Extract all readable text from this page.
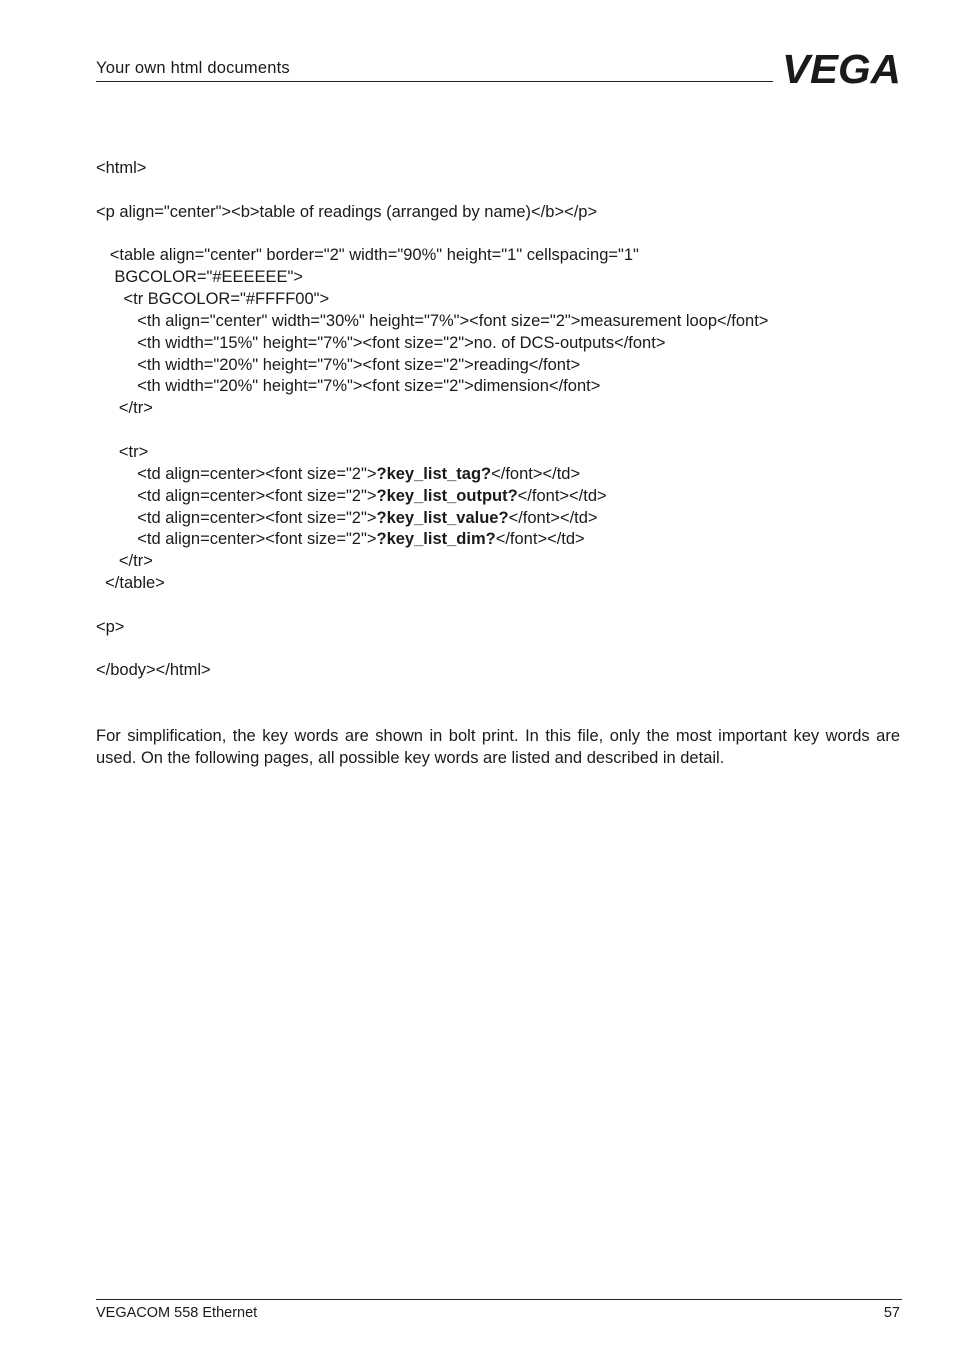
Your own html documents	VEGA
<html>

<p align="center"><b>table of readings (arranged by name)</b></p>

<table align="center" border="2" width="90%" height="1" cellspacing="1"
BGCOLOR="#EEEEEE">
<tr BGCOLOR="#FFFF00">
<th align="center" width="30%" height="7%"><font size="2">measurement loop</font>
<th width="15%" height="7%"><font size="2">no. of DCS-outputs</font>
<th width="20%" height="7%"><font size="2">reading</font>
<th width="20%" height="7%"><font size="2">dimension</font>
</tr>

<tr>
<td align=center><font size="2">?key_list_tag?</font></td>
<td align=center><font size="2">?key_list_output?</font></td>
<td align=center><font size="2">?key_list_value?</font></td>
<td align=center><font size="2">?key_list_dim?</font></td>
</tr>
</table>

<p>

</body></html>

For simplification, the key words are shown in bolt print. In this file, only the most important key words are used. On the following pages, all possible key words are listed and described in detail.

VEGACOM 558 Ethernet	57
